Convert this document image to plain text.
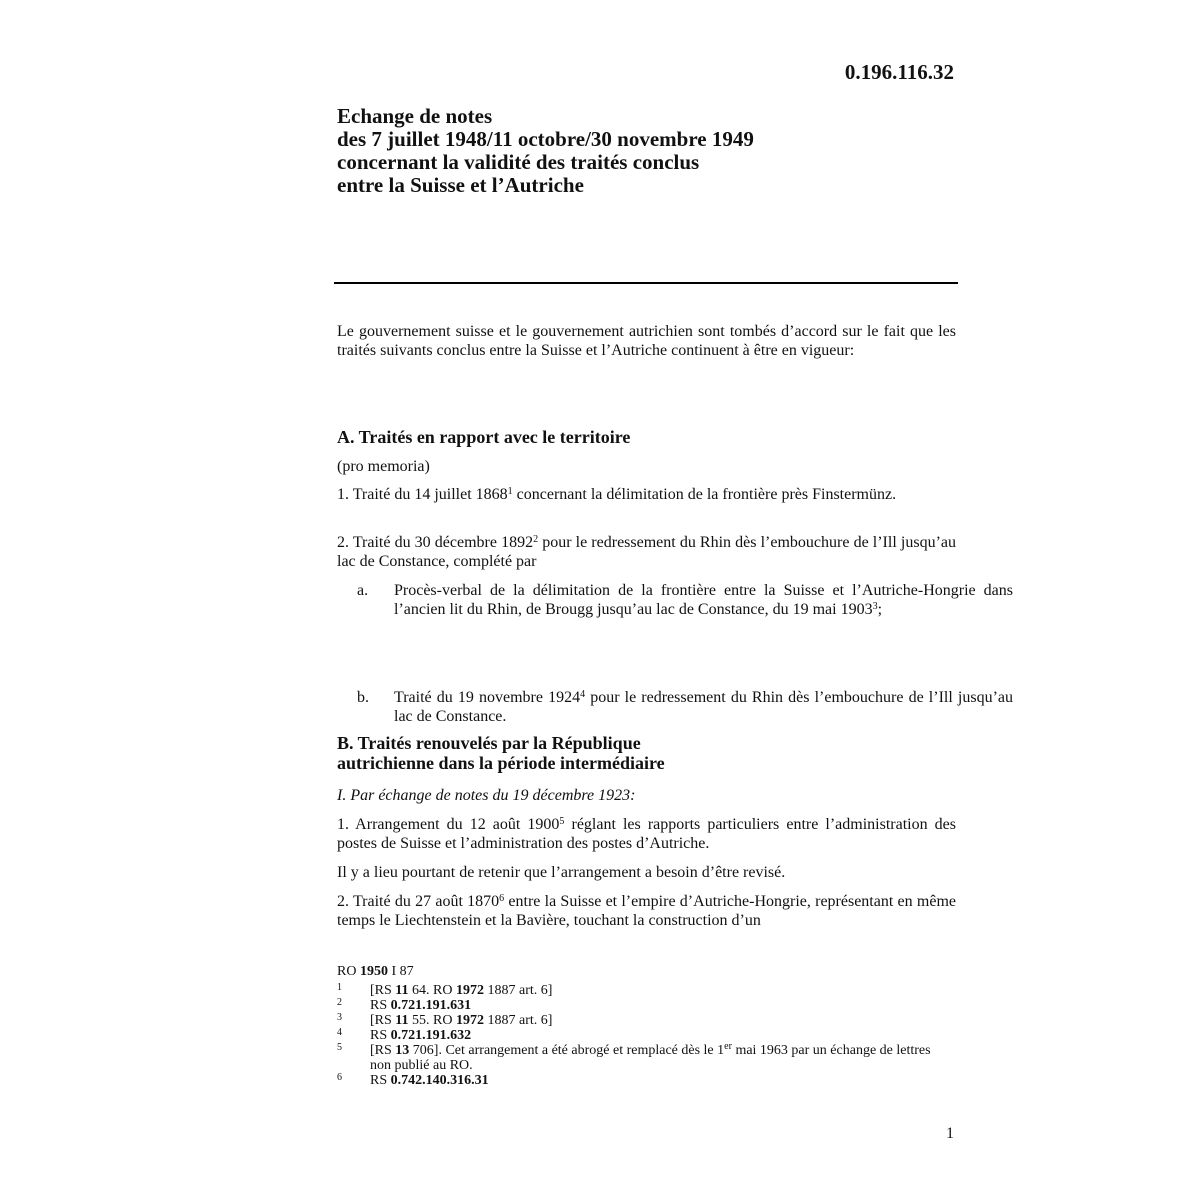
0.196.116.32
Echange de notes
des 7 juillet 1948/11 octobre/30 novembre 1949
concernant la validité des traités conclus
entre la Suisse et l’Autriche

Le gouvernement suisse et le gouvernement autrichien sont tombés d’accord sur le fait que les traités suivants conclus entre la Suisse et l’Autriche continuent à être en vigueur:

A. Traités en rapport avec le territoire

(pro memoria)

1. Traité du 14 juillet 1868$^1$ concernant la délimitation de la frontière près Finstermünz.

2. Traité du 30 décembre 1892$^2$ pour le redressement du Rhin dès l’embouchure de l’Ill jusqu’au lac de Constance, complété par

a. Procès-verbal de la délimitation de la frontière entre la Suisse et l’Autriche-Hongrie dans l’ancien lit du Rhin, de Brougg jusqu’au lac de Constance, du 19 mai 1903$^3$;
b. Traité du 19 novembre 1924$^4$ pour le redressement du Rhin dès l’embouchure de l’Ill jusqu’au lac de Constance.
B. Traités renouvelés par la République
autrichienne dans la période intermédiaire

I. Par échange de notes du 19 décembre 1923:

1. Arrangement du 12 août 1900$^5$ réglant les rapports particuliers entre l’administration des postes de Suisse et l’administration des postes d’Autriche.

Il y a lieu pourtant de retenir que l’arrangement a besoin d’être revisé.

2. Traité du 27 août 1870$^6$ entre la Suisse et l’empire d’Autriche-Hongrie, représentant en même temps le Liechtenstein et la Bavière, touchant la construction d’un

RO 1950 I 87
1 [RS 11 64. RO 1972 1887 art. 6]
2 RS 0.721.191.631
3 [RS 11 55. RO 1972 1887 art. 6]
4 RS 0.721.191.632
5 [RS 13 706]. Cet arrangement a été abrogé et remplacé dès le 1er mai 1963 par un échange de lettres non publié au RO.
6 RS 0.742.140.316.31
1
